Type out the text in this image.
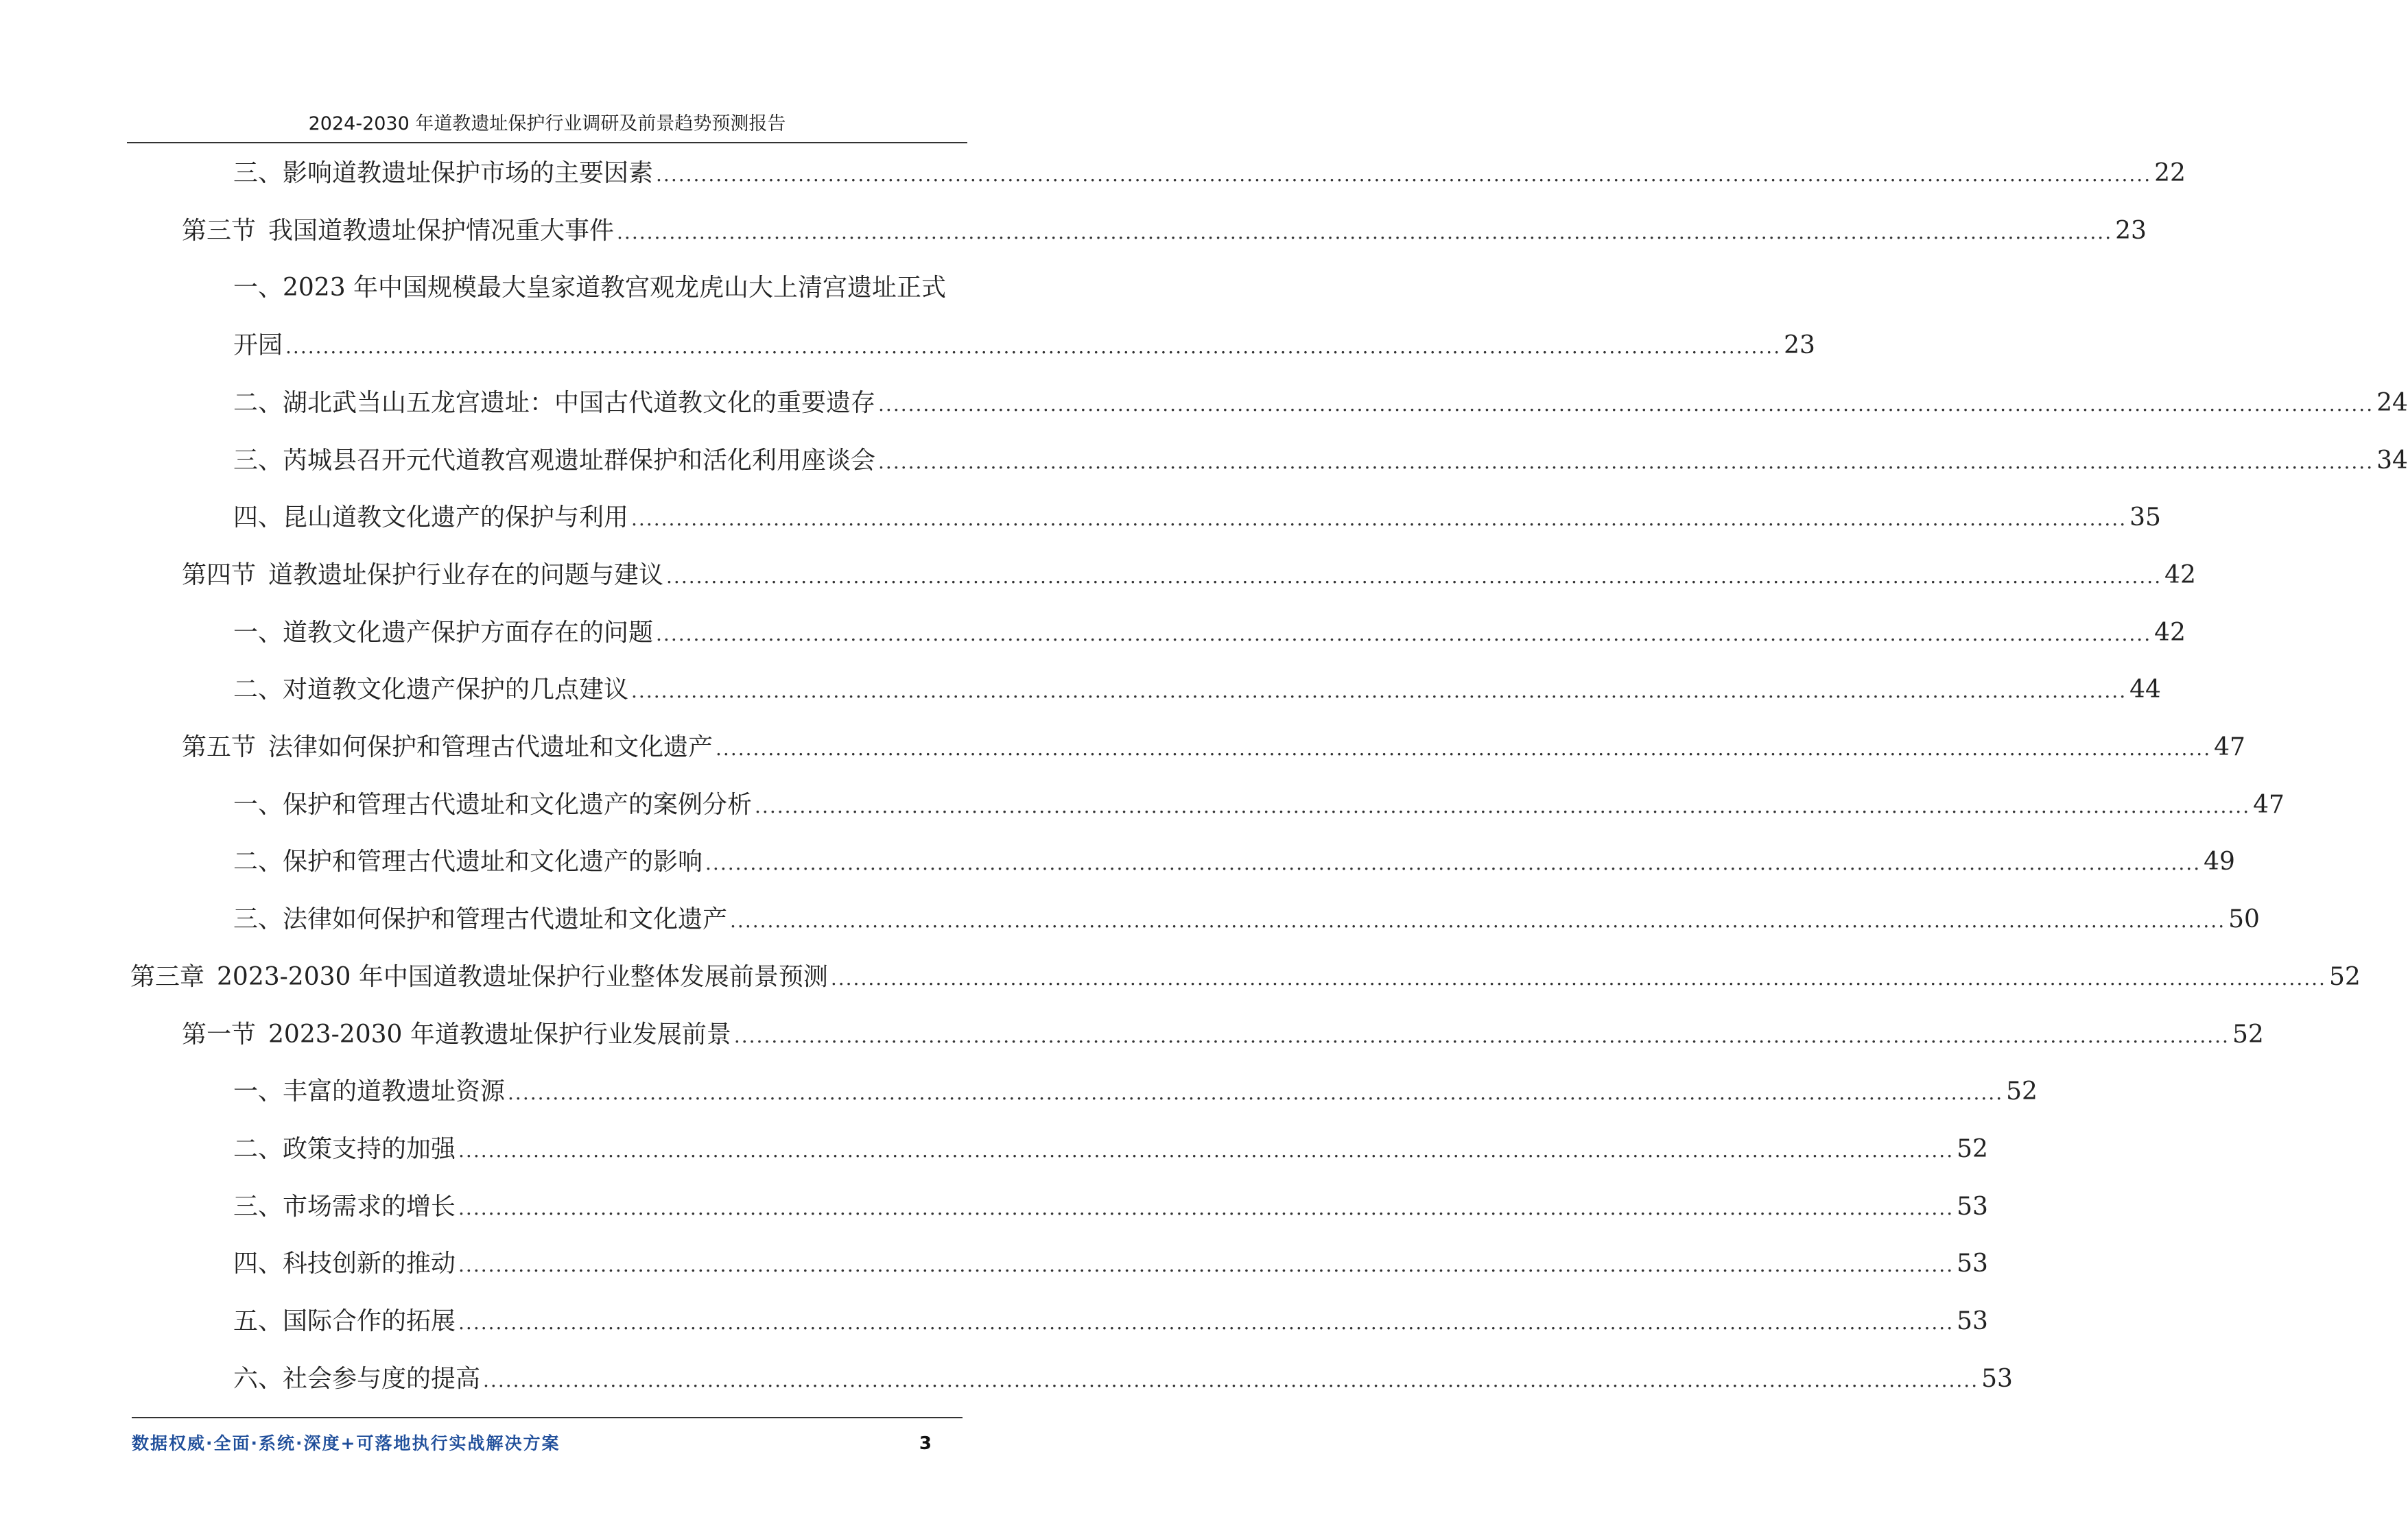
2024-2030 年道教遗址保护行业调研及前景趋势预测报告
三、影响道教遗址保护市场的主要因素 ........................................................................................................................................................................................................ 22
第三节 我国道教遗址保护情况重大事件 ........................................................................................................................................................................................................ 23
一、2023 年中国规模最大皇家道教宫观龙虎山大上清宫遗址正式
开园 ........................................................................................................................................................................................................ 23
二、湖北武当山五龙宫遗址：中国古代道教文化的重要遗存 ........................................................................................................................................................................................................ 24
三、芮城县召开元代道教宫观遗址群保护和活化利用座谈会 ........................................................................................................................................................................................................ 34
四、昆山道教文化遗产的保护与利用 ........................................................................................................................................................................................................ 35
第四节 道教遗址保护行业存在的问题与建议 ........................................................................................................................................................................................................ 42
一、道教文化遗产保护方面存在的问题 ........................................................................................................................................................................................................ 42
二、对道教文化遗产保护的几点建议 ........................................................................................................................................................................................................ 44
第五节 法律如何保护和管理古代遗址和文化遗产 ........................................................................................................................................................................................................ 47
一、保护和管理古代遗址和文化遗产的案例分析 ........................................................................................................................................................................................................ 47
二、保护和管理古代遗址和文化遗产的影响 ........................................................................................................................................................................................................ 49
三、法律如何保护和管理古代遗址和文化遗产 ........................................................................................................................................................................................................ 50
第三章 2023-2030 年中国道教遗址保护行业整体发展前景预测 ........................................................................................................................................................................................................ 52
第一节 2023-2030 年道教遗址保护行业发展前景 ........................................................................................................................................................................................................ 52
一、丰富的道教遗址资源 ........................................................................................................................................................................................................ 52
二、政策支持的加强 ........................................................................................................................................................................................................ 52
三、市场需求的增长 ........................................................................................................................................................................................................ 53
四、科技创新的推动 ........................................................................................................................................................................................................ 53
五、国际合作的拓展 ........................................................................................................................................................................................................ 53
六、社会参与度的提高 ........................................................................................................................................................................................................ 53
数据权威·全面·系统·深度+可落地执行实战解决方案	3
